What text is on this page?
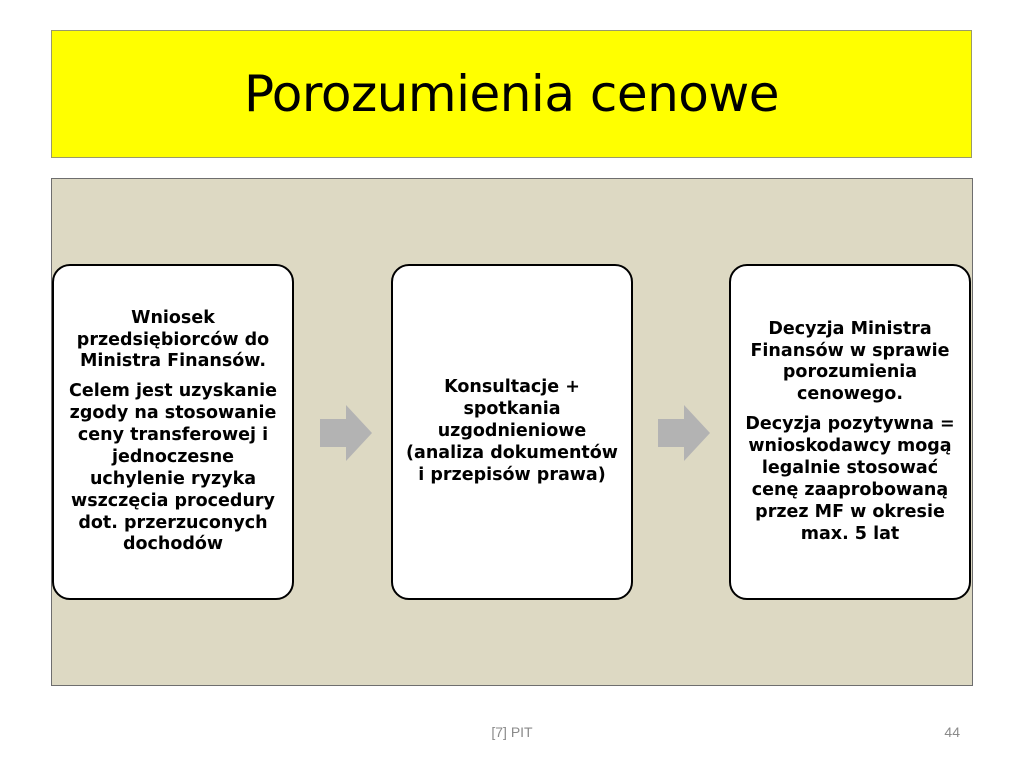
Porozumienia cenowe

Wniosek przedsiębiorców do Ministra Finansów.

Celem jest uzyskanie zgody na stosowanie ceny transferowej i jednoczesne uchylenie ryzyka wszczęcia procedury dot. przerzuconych dochodów

Konsultacje + spotkania uzgodnieniowe (analiza dokumentów i przepisów prawa)

Decyzja Ministra Finansów w sprawie porozumienia cenowego.

Decyzja pozytywna = wnioskodawcy mogą legalnie stosować cenę zaaprobowaną przez MF w okresie max. 5 lat

[7] PIT	44
